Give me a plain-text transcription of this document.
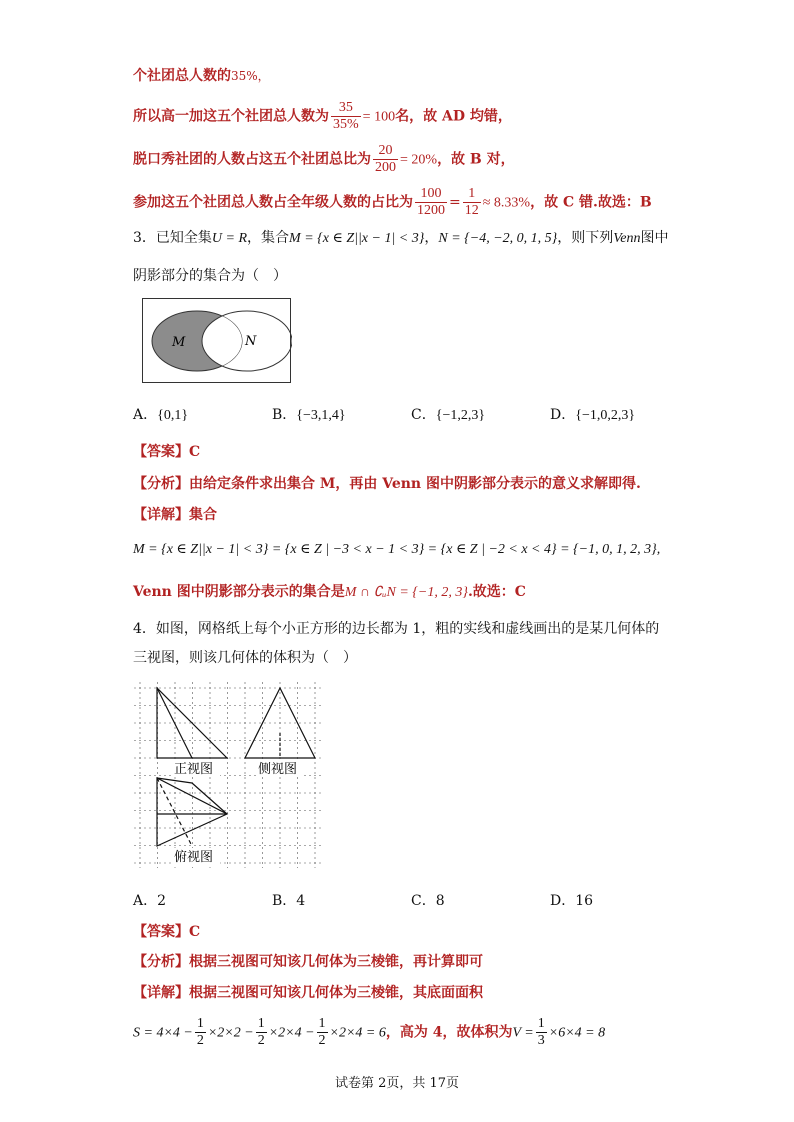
个社团总人数的35%，
所以高一加这五个社团总人数为 $\frac{35}{35\%} = 100$名，故 AD 均错，
脱口秀社团的人数占这五个社团总比为 $\frac{20}{200} = 20\%$，故 B 对，
参加这五个社团总人数占全年级人数的占比为 $\frac{100}{1200} = \frac{1}{12} \approx 8.33\%$，故 C 错.故选：B
3．已知全集U = R，集合M = {x ∈ Z||x − 1| < 3}，N = {−4, −2, 0, 1, 5}，则下列Venn图中
阴影部分的集合为（　）
M	N
A．{0,1}	B．{−3,1,4}	C．{−1,2,3}	D．{−1,0,2,3}
【答案】C
【分析】由给定条件求出集合 M，再由 Venn 图中阴影部分表示的意义求解即得.
【详解】集合
M = {x ∈ Z||x − 1| < 3} = {x ∈ Z | −3 < x − 1 < 3} = {x ∈ Z | −2 < x < 4} = {−1, 0, 1, 2, 3},
Venn 图中阴影部分表示的集合是M ∩ ∁ᵤN = {−1, 2, 3}.故选：C
4．如图，网格纸上每个小正方形的边长都为 1，粗的实线和虚线画出的是某几何体的
三视图，则该几何体的体积为（　）
正视图	侧视图
俯视图
A．2	B．4	C．8	D．16
【答案】C
【分析】根据三视图可知该几何体为三棱锥，再计算即可
【详解】根据三视图可知该几何体为三棱锥，其底面面积
$S = 4\times 4 - \frac{1}{2} \times 2\times 2 - \frac{1}{2} \times 2\times 4 - \frac{1}{2} \times 2\times 4 = 6$，高为 4，故体积为$V = \frac{1}{3} \times 6\times 4 = 8$
试卷第 2页，共 17页
